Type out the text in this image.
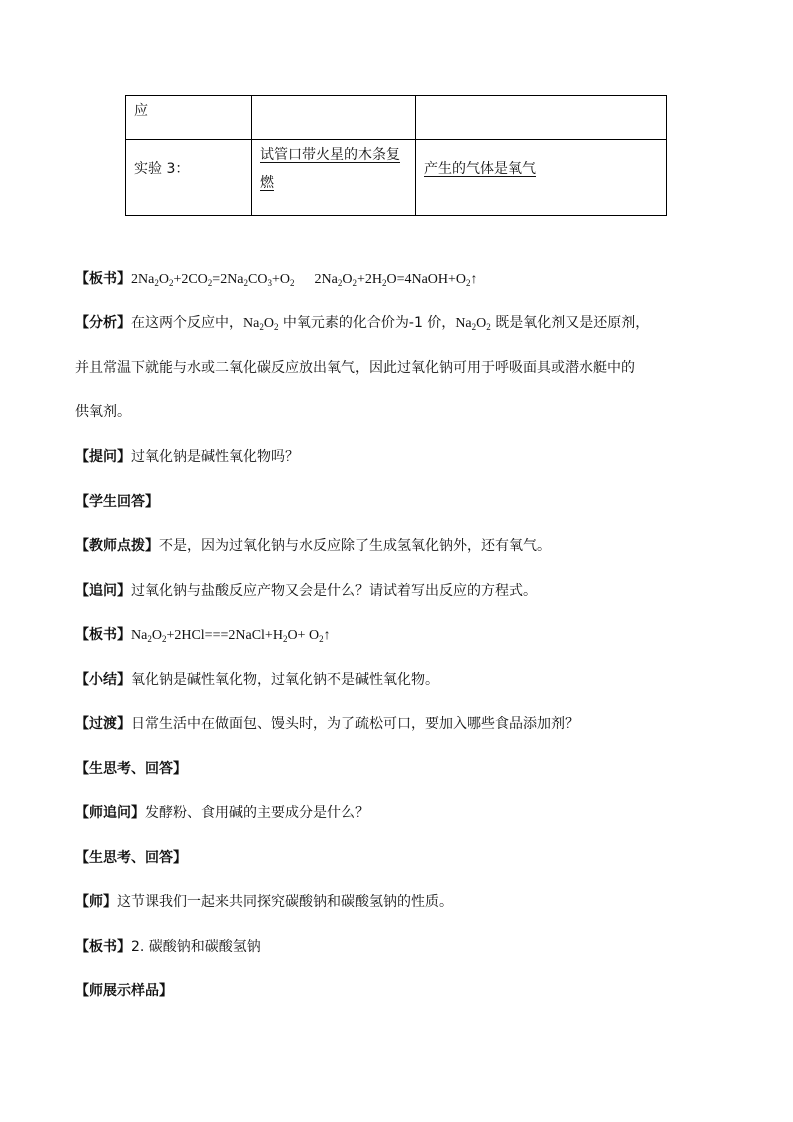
应
实验 3：
试管口带火星的木条复
燃
产生的气体是氧气
【板书】$2Na_2O_2+2CO_2=2Na_2CO_3+O_2$ $2Na_2O_2+2H_2O=4NaOH+O_2↑$
【分析】在这两个反应中，$Na_2O_2$ 中氧元素的化合价为-1 价，$Na_2O_2$ 既是氧化剂又是还原剂，
并且常温下就能与水或二氧化碳反应放出氧气，因此过氧化钠可用于呼吸面具或潜水艇中的
供氧剂。
【提问】过氧化钠是碱性氧化物吗？
【学生回答】
【教师点拨】不是，因为过氧化钠与水反应除了生成氢氧化钠外，还有氧气。
【追问】过氧化钠与盐酸反应产物又会是什么？请试着写出反应的方程式。
【板书】$Na_2O_2+2HCl===2NaCl+H_2O+$ $O_2↑$
【小结】氧化钠是碱性氧化物，过氧化钠不是碱性氧化物。
【过渡】日常生活中在做面包、馒头时，为了疏松可口，要加入哪些食品添加剂？
【生思考、回答】
【师追问】发酵粉、食用碱的主要成分是什么？
【生思考、回答】
【师】这节课我们一起来共同探究碳酸钠和碳酸氢钠的性质。
【板书】2. 碳酸钠和碳酸氢钠
【师展示样品】
